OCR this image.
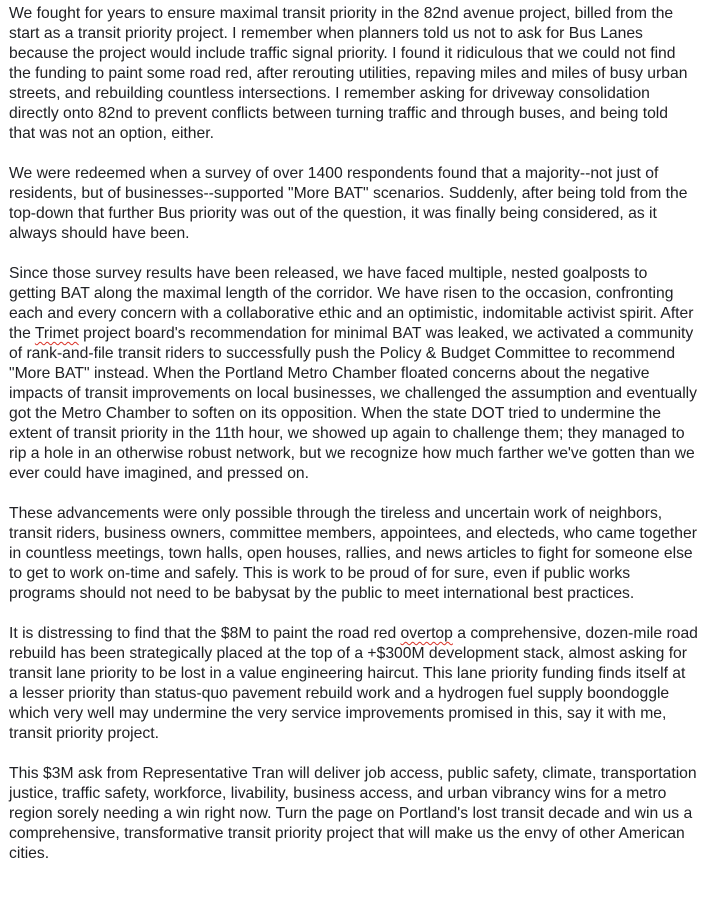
We fought for years to ensure maximal transit priority in the 82nd avenue project, billed from the start as a transit priority project. I remember when planners told us not to ask for Bus Lanes because the project would include traffic signal priority. I found it ridiculous that we could not find the funding to paint some road red, after rerouting utilities, repaving miles and miles of busy urban streets, and rebuilding countless intersections. I remember asking for driveway consolidation directly onto 82nd to prevent conflicts between turning traffic and through buses, and being told that was not an option, either.

We were redeemed when a survey of over 1400 respondents found that a majority--not just of residents, but of businesses--supported "More BAT" scenarios. Suddenly, after being told from the top-down that further Bus priority was out of the question, it was finally being considered, as it always should have been.

Since those survey results have been released, we have faced multiple, nested goalposts to getting BAT along the maximal length of the corridor. We have risen to the occasion, confronting each and every concern with a collaborative ethic and an optimistic, indomitable activist spirit. After the Trimet project board's recommendation for minimal BAT was leaked, we activated a community of rank-and-file transit riders to successfully push the Policy & Budget Committee to recommend "More BAT" instead. When the Portland Metro Chamber floated concerns about the negative impacts of transit improvements on local businesses, we challenged the assumption and eventually got the Metro Chamber to soften on its opposition. When the state DOT tried to undermine the extent of transit priority in the 11th hour, we showed up again to challenge them; they managed to rip a hole in an otherwise robust network, but we recognize how much farther we've gotten than we ever could have imagined, and pressed on.

These advancements were only possible through the tireless and uncertain work of neighbors, transit riders, business owners, committee members, appointees, and electeds, who came together in countless meetings, town halls, open houses, rallies, and news articles to fight for someone else to get to work on-time and safely. This is work to be proud of for sure, even if public works programs should not need to be babysat by the public to meet international best practices.

It is distressing to find that the $8M to paint the road red overtop a comprehensive, dozen-mile road rebuild has been strategically placed at the top of a +$300M development stack, almost asking for transit lane priority to be lost in a value engineering haircut. This lane priority funding finds itself at a lesser priority than status-quo pavement rebuild work and a hydrogen fuel supply boondoggle which very well may undermine the very service improvements promised in this, say it with me, transit priority project.

This $3M ask from Representative Tran will deliver job access, public safety, climate, transportation justice, traffic safety, workforce, livability, business access, and urban vibrancy wins for a metro region sorely needing a win right now. Turn the page on Portland's lost transit decade and win us a comprehensive, transformative transit priority project that will make us the envy of other American cities.
